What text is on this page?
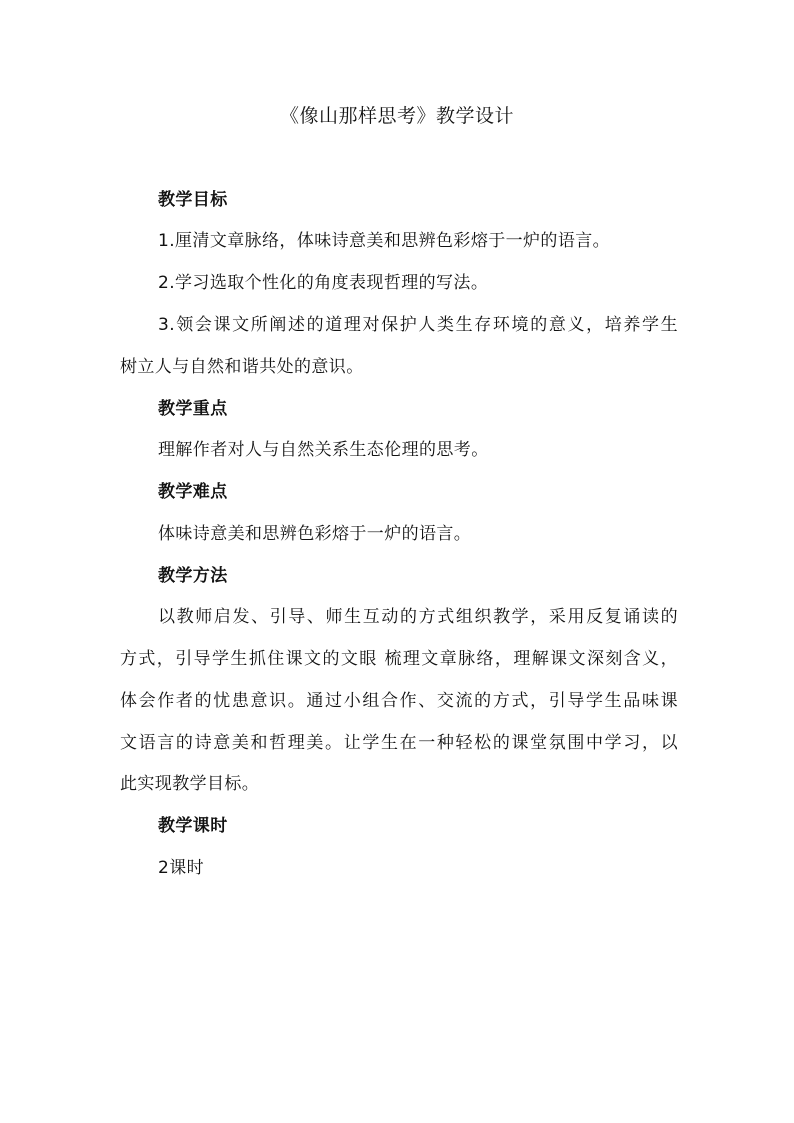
《像山那样思考》教学设计
教学目标
1.厘清文章脉络，体味诗意美和思辨色彩熔于一炉的语言。
2.学习选取个性化的角度表现哲理的写法。
3.领会课文所阐述的道理对保护人类生存环境的意义，培养学生
树立人与自然和谐共处的意识。
教学重点
理解作者对人与自然关系生态伦理的思考。
教学难点
体味诗意美和思辨色彩熔于一炉的语言。
教学方法
以教师启发、引导、师生互动的方式组织教学，采用反复诵读的
方式，引导学生抓住课文的文眼 梳理文章脉络，理解课文深刻含义，
体会作者的忧患意识。通过小组合作、交流的方式，引导学生品味课
文语言的诗意美和哲理美。让学生在一种轻松的课堂氛围中学习，以
此实现教学目标。
教学课时
2课时
